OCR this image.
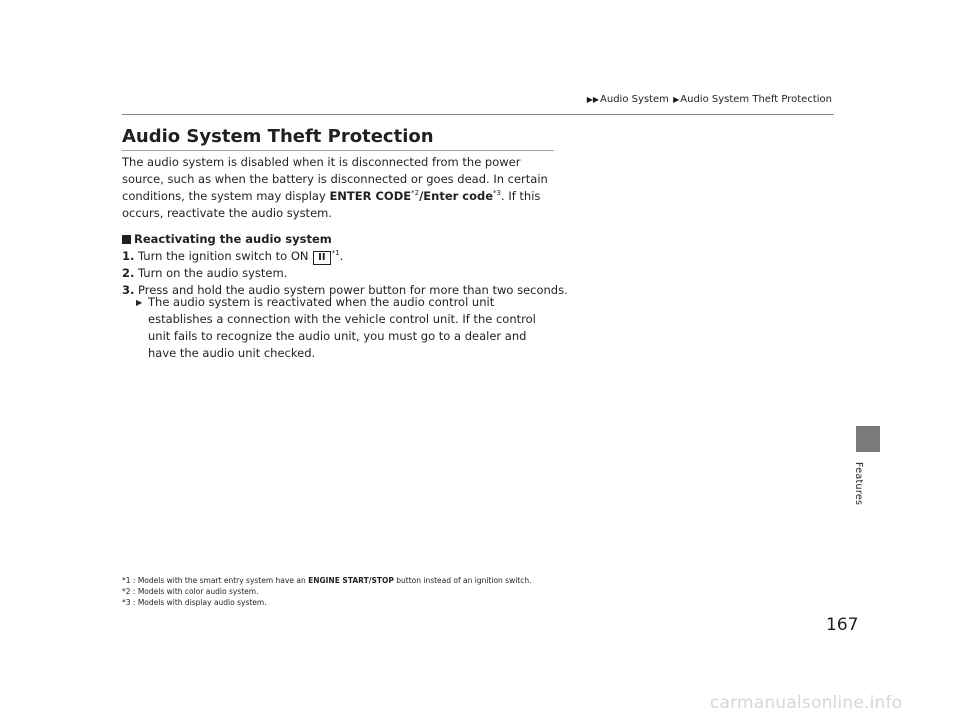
▶▶Audio System ▶Audio System Theft Protection
Audio System Theft Protection

The audio system is disabled when it is disconnected from the power source, such as when the battery is disconnected or goes dead. In certain conditions, the system may display ENTER CODE$^{*2}$/Enter code$^{*3}$. If this occurs, reactivate the audio system.

Reactivating the audio system
1. Turn the ignition switch to ON II $^{*1}$.
2. Turn on the audio system.
3. Press and hold the audio system power button for more than two seconds.
▶ The audio system is reactivated when the audio control unit establishes a connection with the vehicle control unit. If the control unit fails to recognize the audio unit, you must go to a dealer and have the audio unit checked.
*1 : Models with the smart entry system have an ENGINE START/STOP button instead of an ignition switch.
*2 : Models with color audio system.
*3 : Models with display audio system.
Features
167
carmanualsonline.info
